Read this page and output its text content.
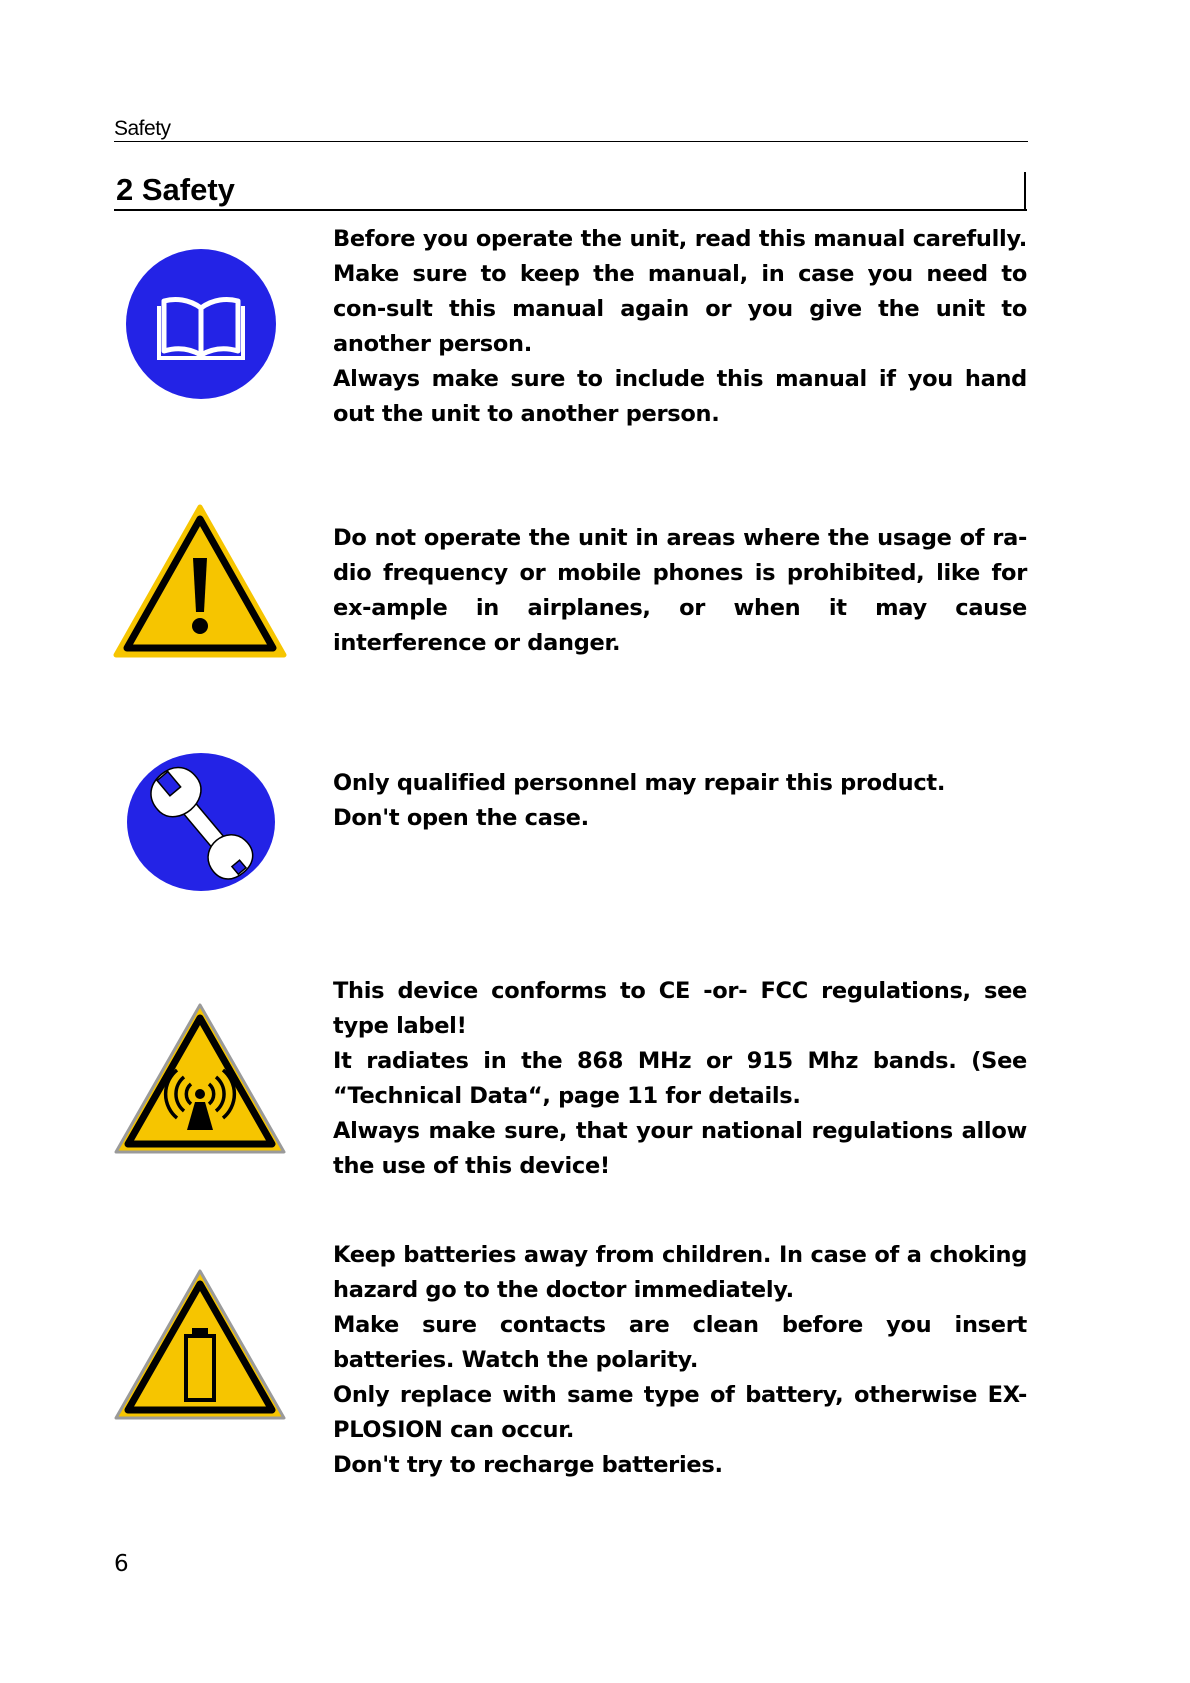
Safety
2 Safety

Before you operate the unit, read this manual carefully. Make sure to keep the manual, in case you need to con-sult this manual again or you give the unit to another person.

Always make sure to include this manual if you hand out the unit to another person.

Do not operate the unit in areas where the usage of ra-dio frequency or mobile phones is prohibited, like for ex-ample in airplanes, or when it may cause interference or danger.

Only qualified personnel may repair this product.

Don't open the case.

This device conforms to CE -or- FCC regulations, see type label!

It radiates in the 868 MHz or 915 Mhz bands. (See “Technical Data“, page 11 for details.

Always make sure, that your national regulations allow the use of this device!

Keep batteries away from children. In case of a choking hazard go to the doctor immediately.

Make sure contacts are clean before you insert batteries. Watch the polarity.

Only replace with same type of battery, otherwise EX-PLOSION can occur.

Don't try to recharge batteries.

6
